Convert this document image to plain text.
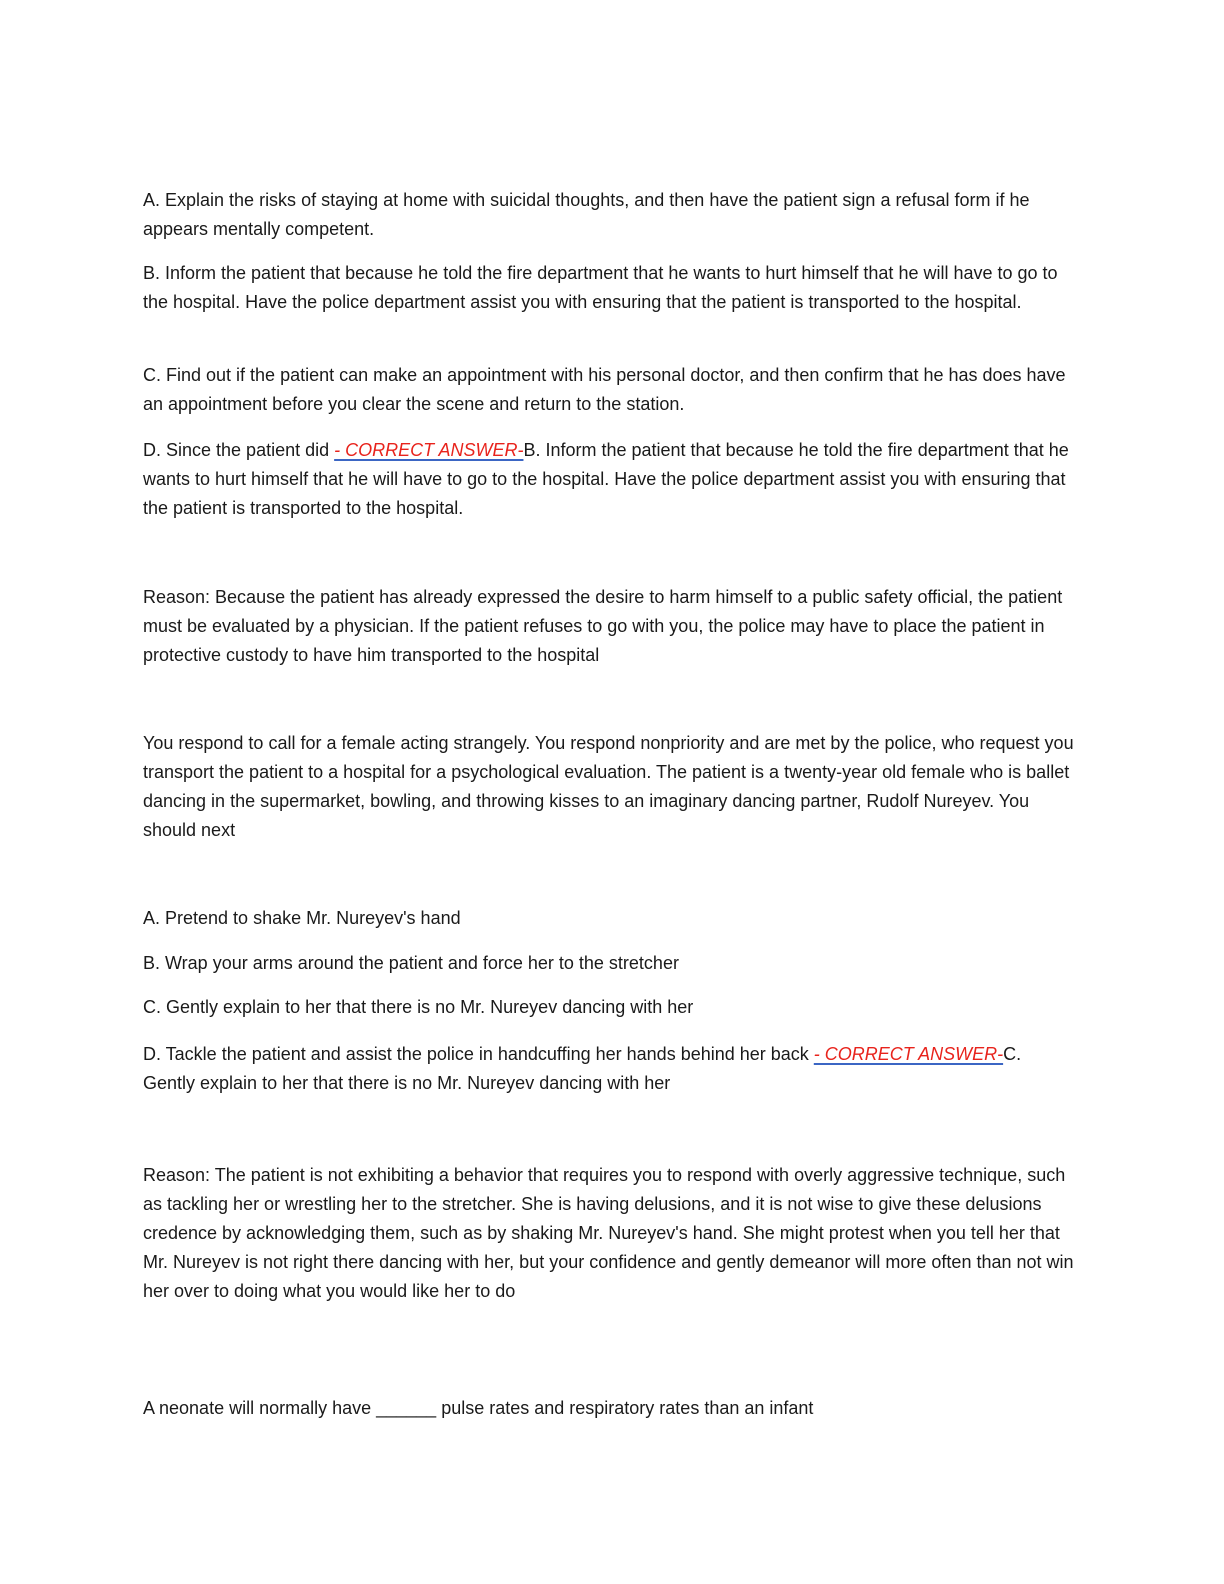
A. Explain the risks of staying at home with suicidal thoughts, and then have the patient sign a refusal form if he appears mentally competent.

B. Inform the patient that because he told the fire department that he wants to hurt himself that he will have to go to the hospital. Have the police department assist you with ensuring that the patient is transported to the hospital.

C. Find out if the patient can make an appointment with his personal doctor, and then confirm that he has does have an appointment before you clear the scene and return to the station.

D. Since the patient did - CORRECT ANSWER-B. Inform the patient that because he told the fire department that he wants to hurt himself that he will have to go to the hospital. Have the police department assist you with ensuring that the patient is transported to the hospital.

Reason: Because the patient has already expressed the desire to harm himself to a public safety official, the patient must be evaluated by a physician. If the patient refuses to go with you, the police may have to place the patient in protective custody to have him transported to the hospital

You respond to call for a female acting strangely. You respond nonpriority and are met by the police, who request you transport the patient to a hospital for a psychological evaluation. The patient is a twenty-year old female who is ballet dancing in the supermarket, bowling, and throwing kisses to an imaginary dancing partner, Rudolf Nureyev. You should next

A. Pretend to shake Mr. Nureyev's hand

B. Wrap your arms around the patient and force her to the stretcher

C. Gently explain to her that there is no Mr. Nureyev dancing with her

D. Tackle the patient and assist the police in handcuffing her hands behind her back - CORRECT ANSWER-C. Gently explain to her that there is no Mr. Nureyev dancing with her

Reason: The patient is not exhibiting a behavior that requires you to respond with overly aggressive technique, such as tackling her or wrestling her to the stretcher. She is having delusions, and it is not wise to give these delusions credence by acknowledging them, such as by shaking Mr. Nureyev's hand. She might protest when you tell her that Mr. Nureyev is not right there dancing with her, but your confidence and gently demeanor will more often than not win her over to doing what you would like her to do

A neonate will normally have ______ pulse rates and respiratory rates than an infant
